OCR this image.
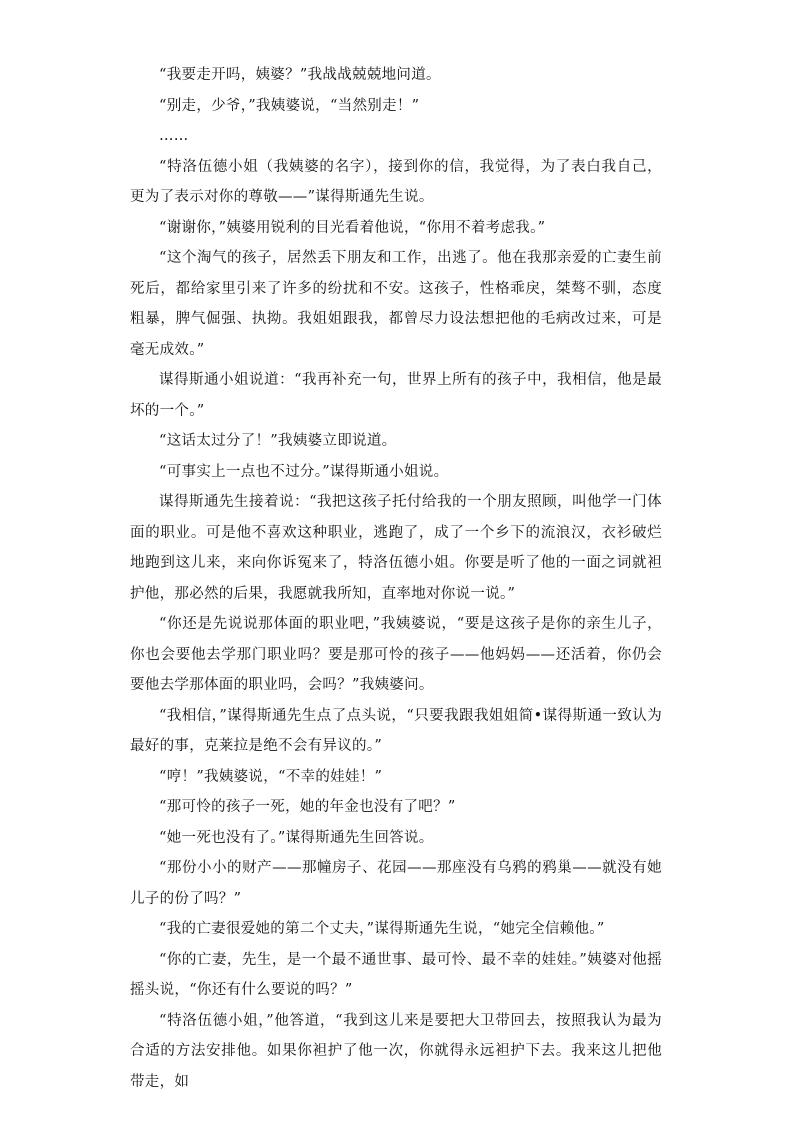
“我要走开吗，姨婆？”我战战兢兢地问道。

“别走，少爷，”我姨婆说，“当然别走！”

……

“特洛伍德小姐（我姨婆的名字），接到你的信，我觉得，为了表白我自己，更为了表示对你的尊敬——”谋得斯通先生说。

“谢谢你，”姨婆用锐利的目光看着他说，“你用不着考虑我。”

“这个淘气的孩子，居然丢下朋友和工作，出逃了。他在我那亲爱的亡妻生前死后，都给家里引来了许多的纷扰和不安。这孩子，性格乖戾，桀骜不驯，态度粗暴，脾气倔强、执拗。我姐姐跟我，都曾尽力设法想把他的毛病改过来，可是毫无成效。”

谋得斯通小姐说道：“我再补充一句，世界上所有的孩子中，我相信，他是最坏的一个。”

“这话太过分了！”我姨婆立即说道。

“可事实上一点也不过分。”谋得斯通小姐说。

谋得斯通先生接着说：“我把这孩子托付给我的一个朋友照顾，叫他学一门体面的职业。可是他不喜欢这种职业，逃跑了，成了一个乡下的流浪汉，衣衫破烂地跑到这儿来，来向你诉冤来了，特洛伍德小姐。你要是听了他的一面之词就袒护他，那必然的后果，我愿就我所知，直率地对你说一说。”

“你还是先说说那体面的职业吧，”我姨婆说，“要是这孩子是你的亲生儿子，你也会要他去学那门职业吗？要是那可怜的孩子——他妈妈——还活着，你仍会要他去学那体面的职业吗，会吗？”我姨婆问。

“我相信，”谋得斯通先生点了点头说，“只要我跟我姐姐简•谋得斯通一致认为最好的事，克莱拉是绝不会有异议的。”

“哼！”我姨婆说，“不幸的娃娃！”

“那可怜的孩子一死，她的年金也没有了吧？”

“她一死也没有了。”谋得斯通先生回答说。

“那份小小的财产——那幢房子、花园——那座没有乌鸦的鸦巢——就没有她儿子的份了吗？”

“我的亡妻很爱她的第二个丈夫，”谋得斯通先生说，“她完全信赖他。”

“你的亡妻，先生，是一个最不通世事、最可怜、最不幸的娃娃。”姨婆对他摇摇头说，“你还有什么要说的吗？”

“特洛伍德小姐，”他答道，“我到这儿来是要把大卫带回去，按照我认为最为合适的方法安排他。如果你袒护了他一次，你就得永远袒护下去。我来这儿把他带走，如
